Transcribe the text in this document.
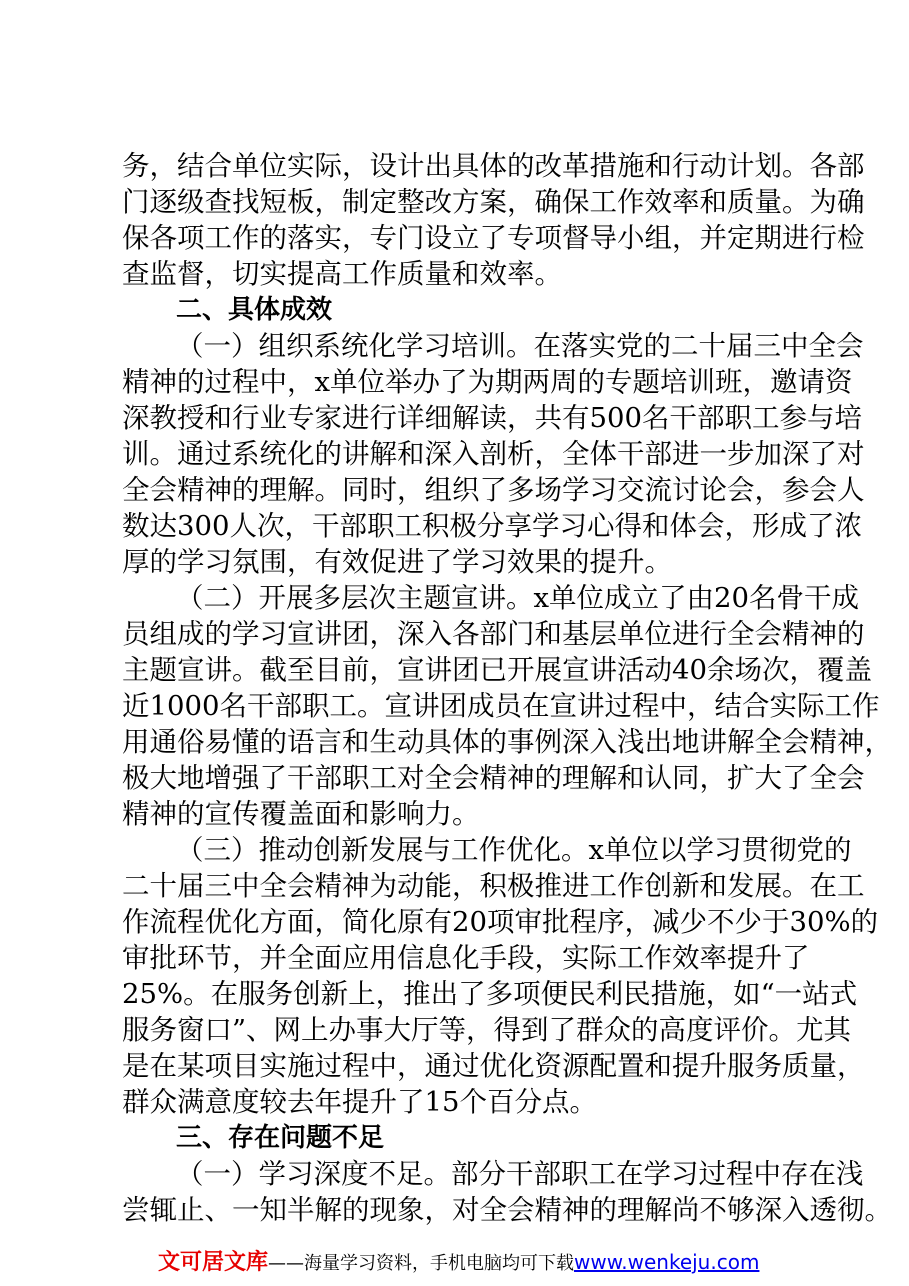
务，结合单位实际，设计出具体的改革措施和行动计划。各部
门逐级查找短板，制定整改方案，确保工作效率和质量。为确
保各项工作的落实，专门设立了专项督导小组，并定期进行检
查监督，切实提高工作质量和效率。
二、具体成效
（一）组织系统化学习培训。在落实党的二十届三中全会
精神的过程中，x单位举办了为期两周的专题培训班，邀请资
深教授和行业专家进行详细解读，共有500名干部职工参与培
训。通过系统化的讲解和深入剖析，全体干部进一步加深了对
全会精神的理解。同时，组织了多场学习交流讨论会，参会人
数达300人次，干部职工积极分享学习心得和体会，形成了浓
厚的学习氛围，有效促进了学习效果的提升。
（二）开展多层次主题宣讲。x单位成立了由20名骨干成
员组成的学习宣讲团，深入各部门和基层单位进行全会精神的
主题宣讲。截至目前，宣讲团已开展宣讲活动40余场次，覆盖
近1000名干部职工。宣讲团成员在宣讲过程中，结合实际工作
用通俗易懂的语言和生动具体的事例深入浅出地讲解全会精神，
极大地增强了干部职工对全会精神的理解和认同，扩大了全会
精神的宣传覆盖面和影响力。
（三）推动创新发展与工作优化。x单位以学习贯彻党的
二十届三中全会精神为动能，积极推进工作创新和发展。在工
作流程优化方面，简化原有20项审批程序，减少不少于30%的
审批环节，并全面应用信息化手段，实际工作效率提升了
25%。在服务创新上，推出了多项便民利民措施，如“一站式
服务窗口”、网上办事大厅等，得到了群众的高度评价。尤其
是在某项目实施过程中，通过优化资源配置和提升服务质量，
群众满意度较去年提升了15个百分点。
三、存在问题不足
（一）学习深度不足。部分干部职工在学习过程中存在浅
尝辄止、一知半解的现象，对全会精神的理解尚不够深入透彻。
文可居文库——海量学习资料，手机电脑均可下载www.wenkeju.com
